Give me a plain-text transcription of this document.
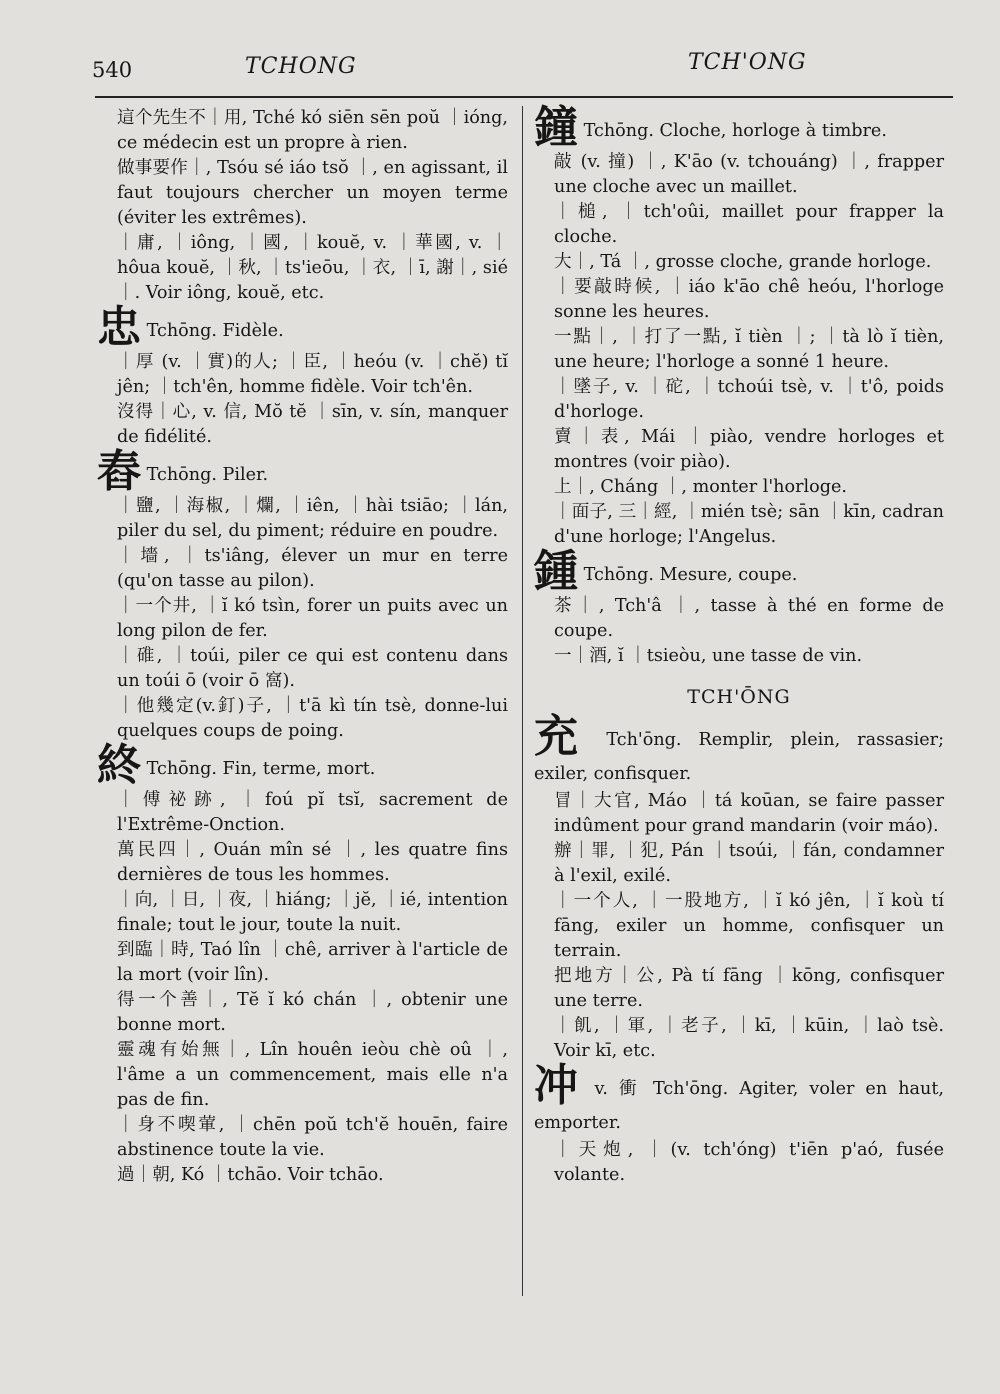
540	TCHONG	TCH'ONG
這个先生不｜用, Tché kó siēn sēn poŭ ｜ióng, ce médecin est un propre à rien.
做事要作｜, Tsóu sé iáo tsŏ ｜, en agissant, il faut toujours chercher un moyen terme (éviter les extrêmes).
｜庸, ｜iông, ｜國, ｜kouĕ, v. ｜華國, v. ｜hôua kouĕ, ｜秋, ｜ts'ieōu, ｜衣, ｜ī, 謝｜, sié ｜. Voir iông, kouĕ, etc.
忠 Tchōng. Fidèle.
｜厚 (v. ｜實)的人; ｜臣, ｜heóu (v. ｜chĕ) tĭ jên; ｜tch'ên, homme fidèle. Voir tch'ên.
沒得｜心, v. 信, Mŏ tĕ ｜sīn, v. sín, manquer de fidélité.
舂 Tchōng. Piler.
｜鹽, ｜海椒, ｜爛, ｜iên, ｜hài tsiāo; ｜lán, piler du sel, du piment; réduire en poudre.
｜墻, ｜ts'iâng, élever un mur en terre (qu'on tasse au pilon).
｜一个井, ｜ĭ kó tsìn, forer un puits avec un long pilon de fer.
｜碓, ｜toúi, piler ce qui est contenu dans un toúi ō (voir ō 窩).
｜他幾定(v.釘)子, ｜t'ā kì tín tsè, donne-lui quelques coups de poing.
終 Tchōng. Fin, terme, mort.
｜傅祕跡, ｜foú pĭ tsĭ, sacrement de l'Extrême-Onction.
萬民四｜, Ouán mîn sé ｜, les quatre fins dernières de tous les hommes.
｜向, ｜日, ｜夜, ｜hiáng; ｜jĕ, ｜ié, intention finale; tout le jour, toute la nuit.
到臨｜時, Taó lîn ｜chê, arriver à l'article de la mort (voir lîn).
得一个善｜, Tĕ ĭ kó chán ｜, obtenir une bonne mort.
靈魂有始無｜, Lîn houên ieòu chè oû ｜, l'âme a un commencement, mais elle n'a pas de fin.
｜身不喫葷, ｜chēn poŭ tch'ĕ houēn, faire abstinence toute la vie.
過｜朝, Kó ｜tchāo. Voir tchāo.
鐘 Tchōng. Cloche, horloge à timbre.
敲 (v. 撞) ｜, K'āo (v. tchouáng) ｜, frapper une cloche avec un maillet.
｜槌, ｜tch'oûi, maillet pour frapper la cloche.
大｜, Tá ｜, grosse cloche, grande horloge.
｜要敲時候, ｜iáo k'āo chê heóu, l'horloge sonne les heures.
一點｜, ｜打了一點, ĭ tièn ｜; ｜tà lò ĭ tièn, une heure; l'horloge a sonné 1 heure.
｜墜子, v. ｜砣, ｜tchoúi tsè, v. ｜t'ô, poids d'horloge.
賣｜表, Mái ｜piào, vendre horloges et montres (voir piào).
上｜, Cháng ｜, monter l'horloge.
｜面子, 三｜經, ｜mién tsè; sān ｜kīn, cadran d'une horloge; l'Angelus.
鍾 Tchōng. Mesure, coupe.
茶｜, Tch'â ｜, tasse à thé en forme de coupe.
一｜酒, ĭ ｜tsieòu, une tasse de vin.
TCH'ŌNG
充 Tch'ōng. Remplir, plein, rassasier; exiler, confisquer.
冒｜大官, Máo ｜tá koūan, se faire passer indûment pour grand mandarin (voir máo).
辦｜罪, ｜犯, Pán ｜tsoúi, ｜fán, condamner à l'exil, exilé.
｜一个人, ｜一股地方, ｜ĭ kó jên, ｜ĭ koù tí fāng, exiler un homme, confisquer un terrain.
把地方｜公, Pà tí fāng ｜kōng, confisquer une terre.
｜飢, ｜軍, ｜老子, ｜kī, ｜kūin, ｜laò tsè. Voir kī, etc.
冲 v. 衝 Tch'ōng. Agiter, voler en haut, emporter.
｜天炮, ｜(v. tch'óng) t'iēn p'aó, fusée volante.
